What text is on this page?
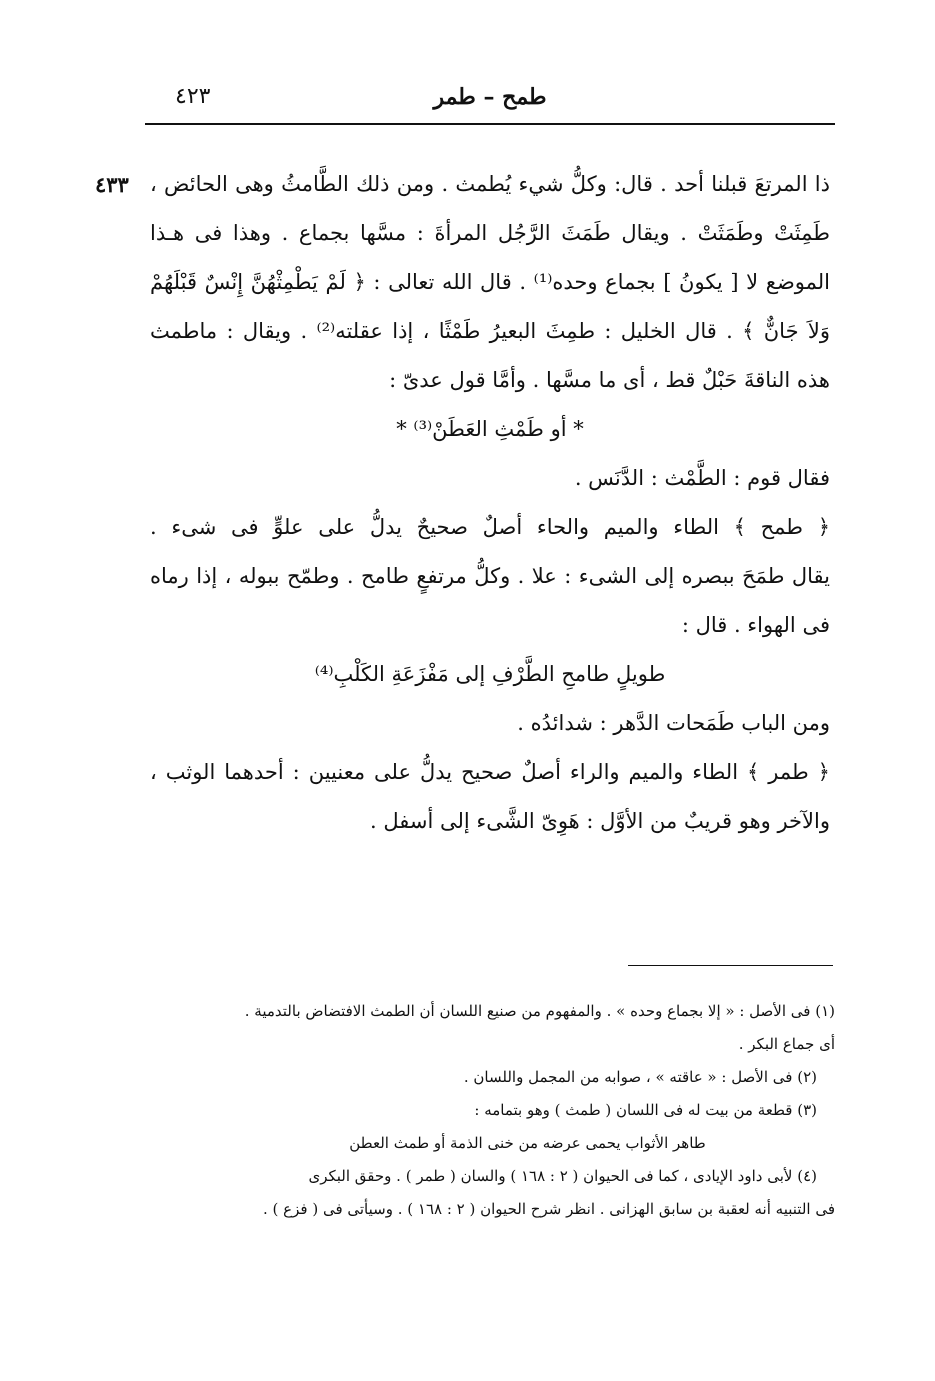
٤٢٣	طمح – طمر
٤٣٣ ذا المرتعَ قبلنا أحد . قال: وكلُّ شيء يُطمث . ومن ذلك الطَّامثُ وهى الحائض ،
طَمِثَتْ وطَمَثَتْ . ويقال طَمَثَ الرَّجُل المرأةَ : مسَّها بجماع . وهذا فى هـذا
الموضع لا [ يكونُ ] بجماع وحده⁽¹⁾ . قال الله تعالى : ﴿ لَمْ يَطْمِثْهُنَّ إِنْسٌ قَبْلَهُمْ
وَلاَ جَانٌّ ﴾ . قال الخليل : طمِثَ البعيرُ طَمْثًا ، إذا عقلته⁽²⁾ . ويقال : ماطمث
هذه الناقةَ حَبْلٌ قط ، أى ما مسَّها . وأمَّا قول عدىّ :
* أو طَمْثِ العَطَنْ⁽³⁾ *
فقال قوم : الطَّمْث : الدَّنَس .
﴿ طمح ﴾ الطاء والميم والحاء أصلٌ صحيحٌ يدلُّ على علوٍّ فى شىء .
يقال طمَحَ ببصره إلى الشىء : علا . وكلُّ مرتفعٍ طامح . وطمّح ببوله ، إذا رماه
فى الهواء . قال :
طويلٍ طامحِ الطَّرْفِ إلى مَفْزَعَةِ الكَلْبِ⁽⁴⁾
ومن الباب طَمَحات الدَّهر : شدائدُه .
﴿ طمر ﴾ الطاء والميم والراء أصلٌ صحيح يدلُّ على معنيين : أحدهما الوثب ،
والآخر وهو قريبٌ من الأوَّل : هَوِىّ الشَّىء إلى أسفل .
(١) فى الأصل : « إلا بجماع وحده » . والمفهوم من صنيع اللسان أن الطمث الافتضاض بالتدمية .
أى جماع البكر .
(٢) فى الأصل : « عاقته » ، صوابه من المجمل واللسان .
(٣) قطعة من بيت له فى اللسان ( طمث ) وهو بتمامه :
طاهر الأثواب يحمى عرضه من خنى الذمة أو طمث العطن
(٤) لأبى داود الإيادى ، كما فى الحيوان ( ٢ : ١٦٨ ) والسان ( طمر ) . وحقق البكرى
فى التنبيه أنه لعقبة بن سابق الهزانى . انظر شرح الحيوان ( ٢ : ١٦٨ ) . وسيأتى فى ( فزع ) .
